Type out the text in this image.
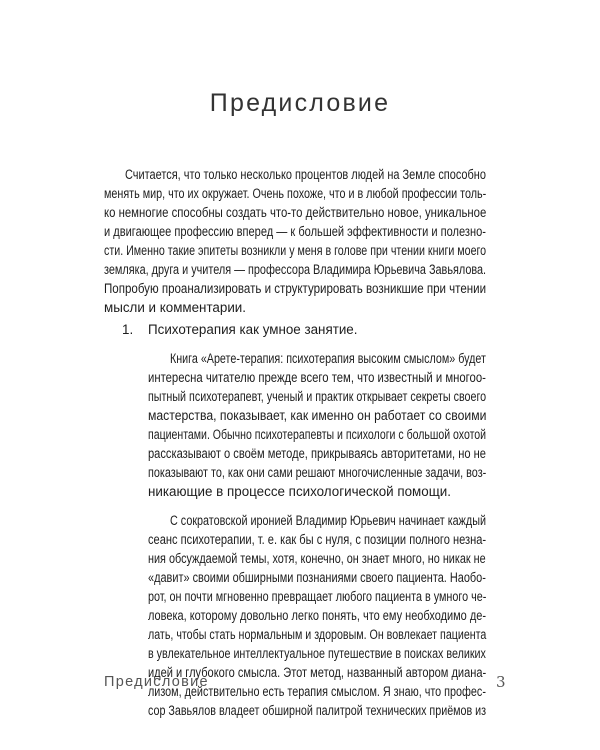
Предисловие
Считается, что только несколько процентов людей на Земле способно
менять мир, что их окружает. Очень похоже, что и в любой профессии толь-
ко немногие способны создать что-то действительно новое, уникальное
и двигающее профессию вперед — к большей эффективности и полезно-
сти. Именно такие эпитеты возникли у меня в голове при чтении книги моего
земляка, друга и учителя — профессора Владимира Юрьевича Завьялова.
Попробую проанализировать и структурировать возникшие при чтении
мысли и комментарии.
1. Психотерапия как умное занятие.
Книга «Арете-терапия: психотерапия высоким смыслом» будет
интересна читателю прежде всего тем, что известный и многоо-
пытный психотерапевт, ученый и практик открывает секреты своего
мастерства, показывает, как именно он работает со своими
пациентами. Обычно психотерапевты и психологи с большой охотой
рассказывают о своём методе, прикрываясь авторитетами, но не
показывают то, как они сами решают многочисленные задачи, воз-
никающие в процессе психологической помощи.
С сократовской иронией Владимир Юрьевич начинает каждый
сеанс психотерапии, т. е. как бы с нуля, с позиции полного незна-
ния обсуждаемой темы, хотя, конечно, он знает много, но никак не
«давит» своими обширными познаниями своего пациента. Наобо-
рот, он почти мгновенно превращает любого пациента в умного че-
ловека, которому довольно легко понять, что ему необходимо де-
лать, чтобы стать нормальным и здоровым. Он вовлекает пациента
в увлекательное интеллектуальное путешествие в поисках великих
идей и глубокого смысла. Этот метод, названный автором диана-
лизом, действительно есть терапия смыслом. Я знаю, что профес-
сор Завьялов владеет обширной палитрой технических приёмов из
Предисловие	3
